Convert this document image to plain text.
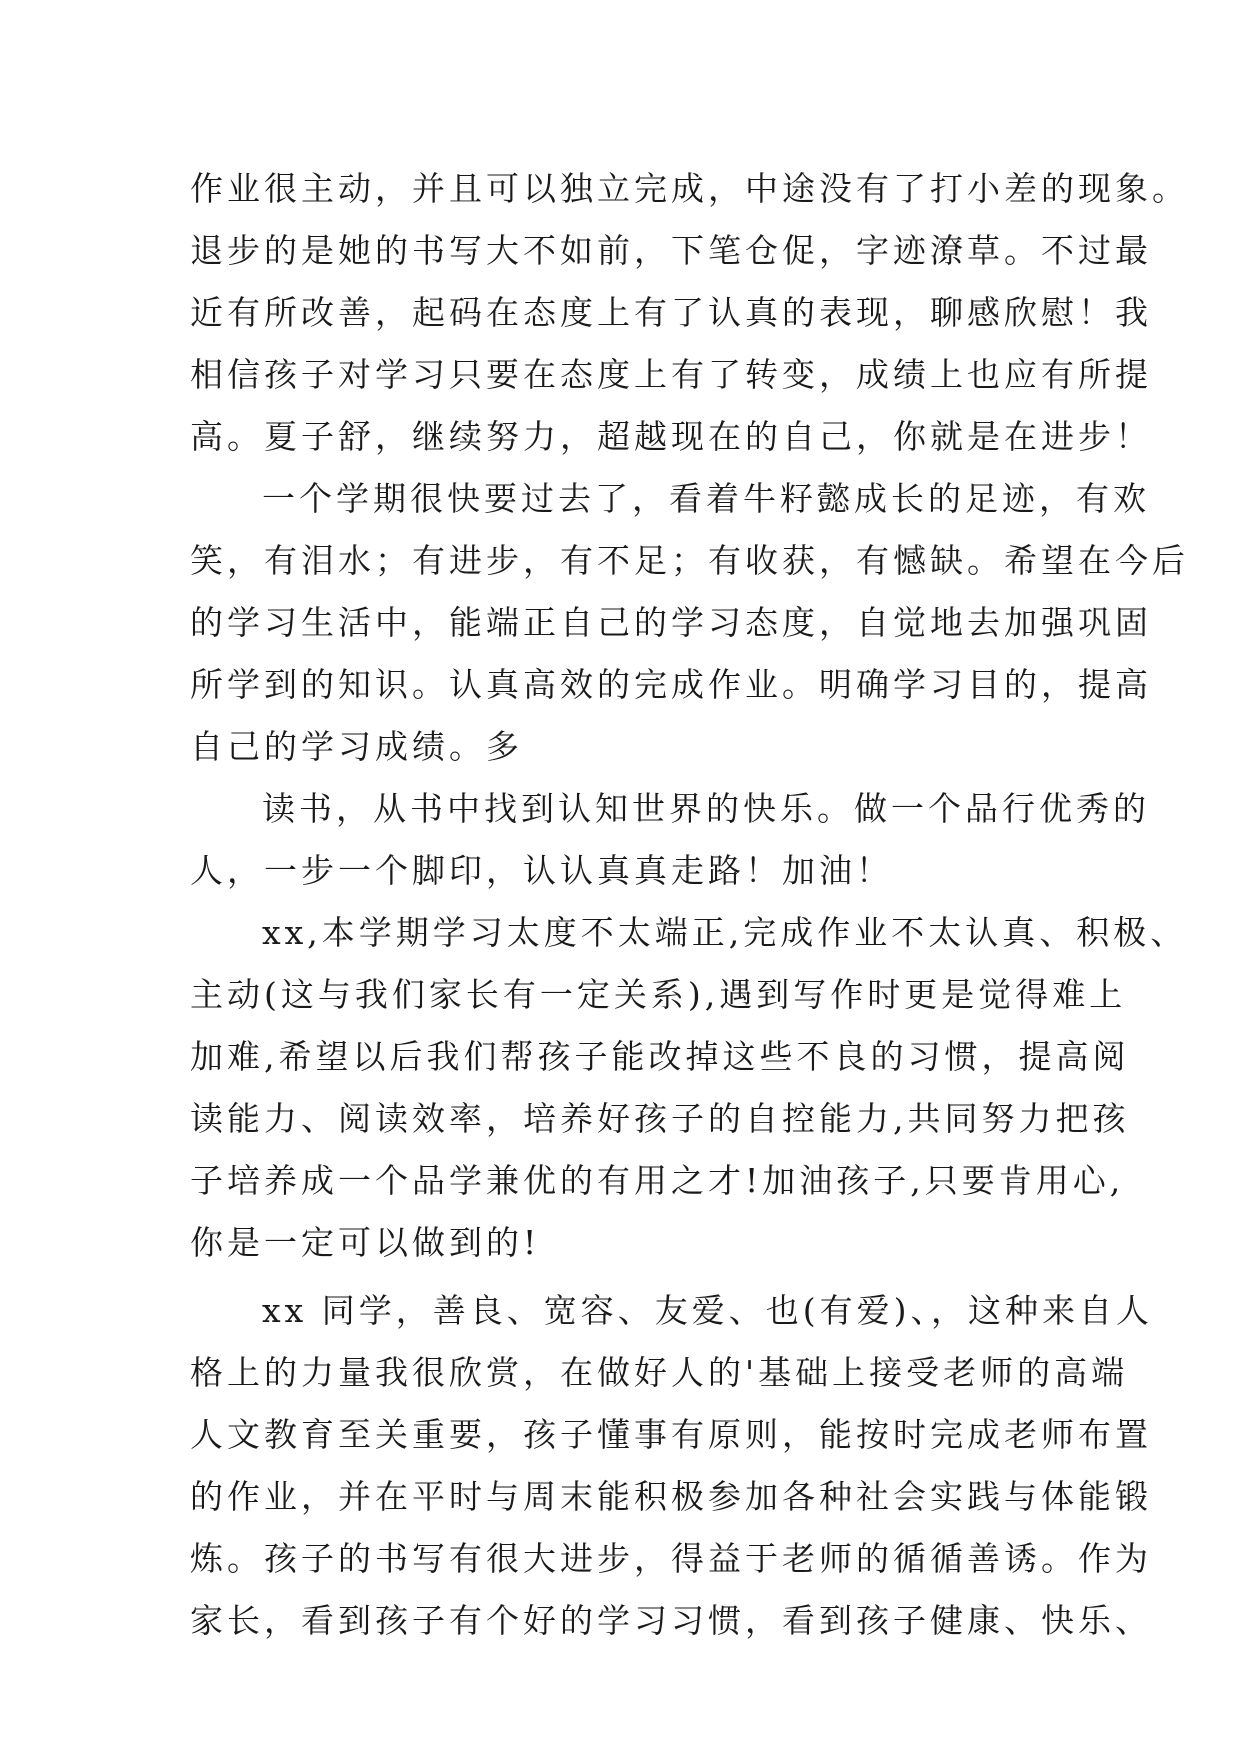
作业很主动，并且可以独立完成，中途没有了打小差的现象。
退步的是她的书写大不如前，下笔仓促，字迹潦草。不过最
近有所改善，起码在态度上有了认真的表现，聊感欣慰！我
相信孩子对学习只要在态度上有了转变，成绩上也应有所提
高。夏子舒，继续努力，超越现在的自己，你就是在进步！
一个学期很快要过去了，看着牛籽懿成长的足迹，有欢
笑，有泪水；有进步，有不足；有收获，有憾缺。希望在今后
的学习生活中，能端正自己的学习态度，自觉地去加强巩固
所学到的知识。认真高效的完成作业。明确学习目的，提高
自己的学习成绩。多
读书，从书中找到认知世界的快乐。做一个品行优秀的
人，一步一个脚印，认认真真走路！加油！
xx,本学期学习太度不太端正,完成作业不太认真、积极、
主动(这与我们家长有一定关系),遇到写作时更是觉得难上
加难,希望以后我们帮孩子能改掉这些不良的习惯，提高阅
读能力、阅读效率，培养好孩子的自控能力,共同努力把孩
子培养成一个品学兼优的有用之才!加油孩子,只要肯用心,
你是一定可以做到的!
xx 同学，善良、宽容、友爱、也(有爱)、，这种来自人
格上的力量我很欣赏，在做好人的'基础上接受老师的高端
人文教育至关重要，孩子懂事有原则，能按时完成老师布置
的作业，并在平时与周末能积极参加各种社会实践与体能锻
炼。孩子的书写有很大进步，得益于老师的循循善诱。作为
家长，看到孩子有个好的学习习惯，看到孩子健康、快乐、
